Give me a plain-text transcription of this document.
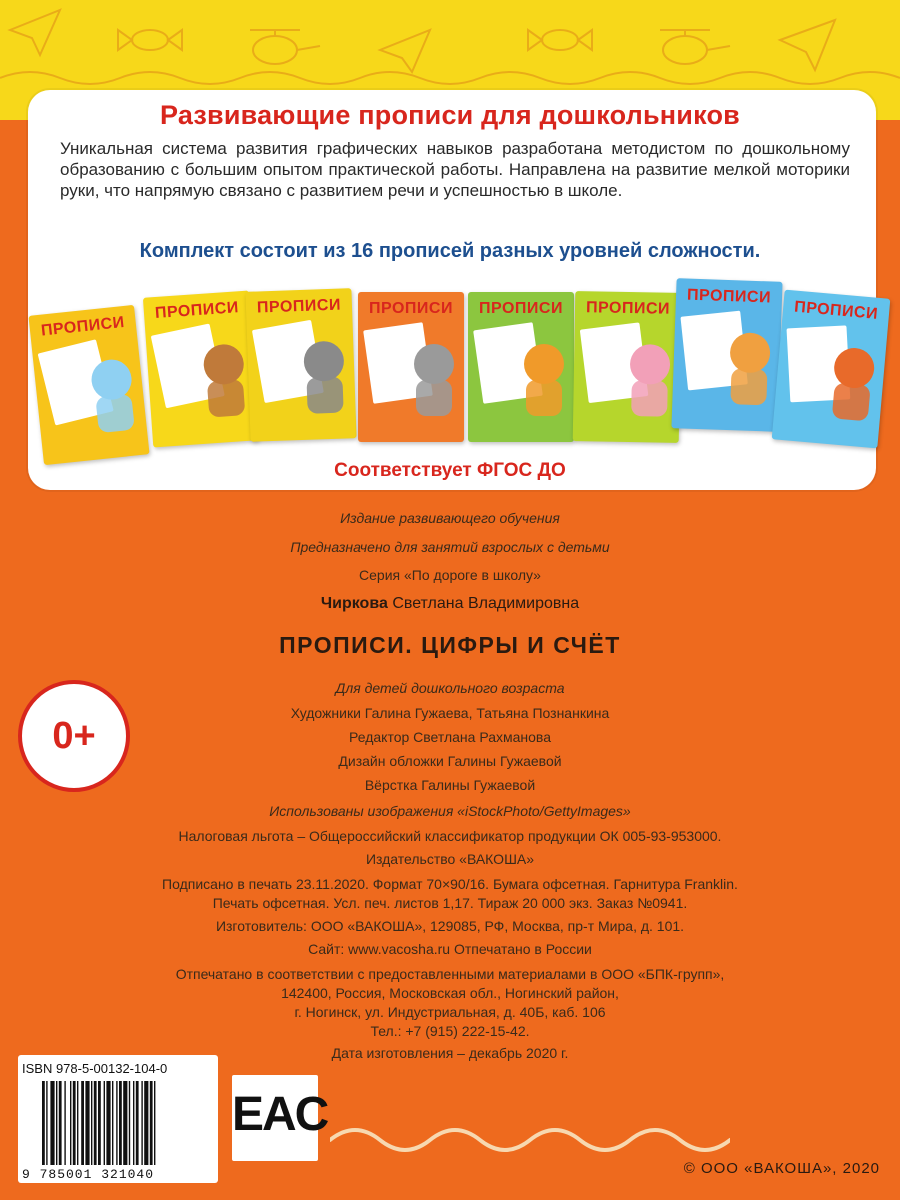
Развивающие прописи для дошкольников
Уникальная система развития графических навыков разработана методистом по дошкольному образованию с большим опытом практической работы. Направлена на развитие мелкой моторики руки, что напрямую связано с развитием речи и успешностью в школе.
Комплект состоит из 16 прописей разных уровней сложности.
ПРОПИСИ
ПРОПИСИ	ПРОПИСИ	ПРОПИСИ	ПРОПИСИ	ПРОПИСИ
ПРОПИСИ
ПРОПИСИ
Соответствует ФГОС ДО
Издание развивающего обучения
Предназначено для занятий взрослых с детьми
Серия «По дороге в школу»
Чиркова Светлана Владимировна
ПРОПИСИ. ЦИФРЫ И СЧЁТ
Для детей дошкольного возраста
Художники Галина Гужаева, Татьяна Познанкина
Редактор Светлана Рахманова
Дизайн обложки Галины Гужаевой
Вёрстка Галины Гужаевой
Использованы изображения «iStockPhoto/GettyImages»
Налоговая льгота – Общероссийский классификатор продукции ОК 005-93-953000.
Издательство «ВАКОША»
Подписано в печать 23.11.2020. Формат 70×90/16. Бумага офсетная. Гарнитура Franklin.
Печать офсетная. Усл. печ. листов 1,17. Тираж 20 000 экз. Заказ №0941.
Изготовитель: ООО «ВАКОША», 129085, РФ, Москва, пр-т Мира, д. 101.
Сайт: www.vacosha.ru Отпечатано в России
Отпечатано в соответствии с предоставленными материалами в ООО «БПК-групп»,
142400, Россия, Московская обл., Ногинский район,
г. Ногинск, ул. Индустриальная, д. 40Б, каб. 106
Тел.: +7 (915) 222-15-42.
Дата изготовления – декабрь 2020 г.
0+
ISBN 978-5-00132-104-0
9 785001 321040
EAC
© ООО «ВАКОША», 2020
